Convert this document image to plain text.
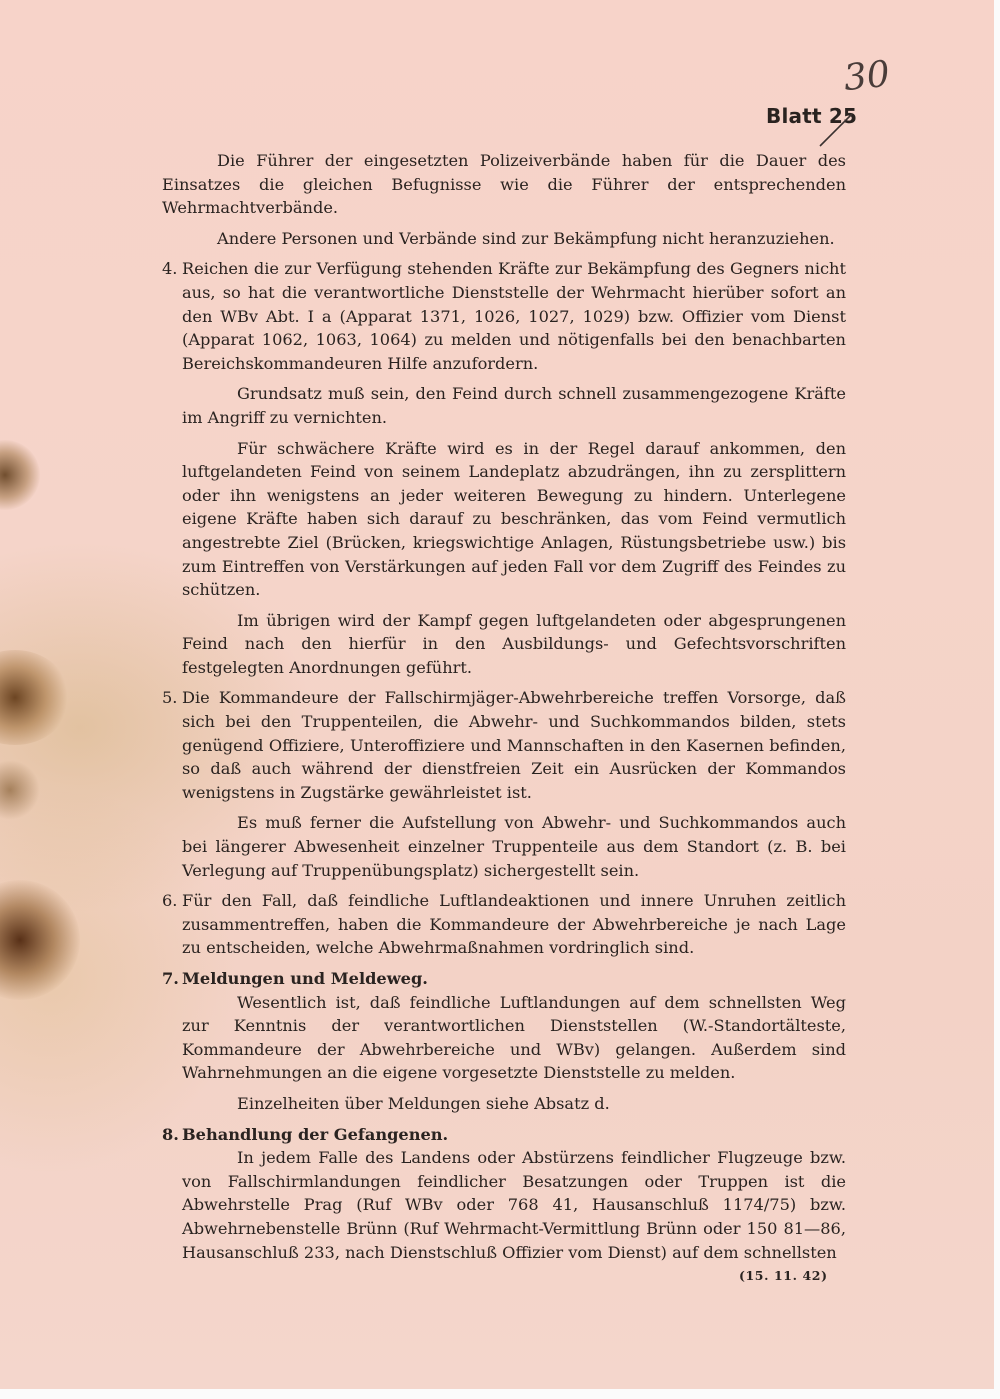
Blatt 25
30

Die Führer der eingesetzten Polizeiverbände haben für die Dauer des Einsatzes die gleichen Befugnisse wie die Führer der entsprechenden Wehrmachtverbände.

Andere Personen und Verbände sind zur Bekämpfung nicht heranzuziehen.

4. Reichen die zur Verfügung stehenden Kräfte zur Bekämpfung des Gegners nicht aus, so hat die verantwortliche Dienststelle der Wehrmacht hierüber sofort an den WBv Abt. I a (Apparat 1371, 1026, 1027, 1029) bzw. Offizier vom Dienst (Apparat 1062, 1063, 1064) zu melden und nötigenfalls bei den benachbarten Bereichskommandeuren Hilfe anzufordern.

Grundsatz muß sein, den Feind durch schnell zusammengezogene Kräfte im Angriff zu vernichten.

Für schwächere Kräfte wird es in der Regel darauf ankommen, den luftgelandeten Feind von seinem Landeplatz abzudrängen, ihn zu zersplittern oder ihn wenigstens an jeder weiteren Bewegung zu hindern. Unterlegene eigene Kräfte haben sich darauf zu beschränken, das vom Feind vermutlich angestrebte Ziel (Brücken, kriegswichtige Anlagen, Rüstungsbetriebe usw.) bis zum Eintreffen von Verstärkungen auf jeden Fall vor dem Zugriff des Feindes zu schützen.

Im übrigen wird der Kampf gegen luftgelandeten oder abgesprungenen Feind nach den hierfür in den Ausbildungs- und Gefechtsvorschriften festgelegten Anordnungen geführt.

5. Die Kommandeure der Fallschirmjäger-Abwehrbereiche treffen Vorsorge, daß sich bei den Truppenteilen, die Abwehr- und Suchkommandos bilden, stets genügend Offiziere, Unteroffiziere und Mannschaften in den Kasernen befinden, so daß auch während der dienstfreien Zeit ein Ausrücken der Kommandos wenigstens in Zugstärke gewährleistet ist.

Es muß ferner die Aufstellung von Abwehr- und Suchkommandos auch bei längerer Abwesenheit einzelner Truppenteile aus dem Standort (z. B. bei Verlegung auf Truppenübungsplatz) sichergestellt sein.

6. Für den Fall, daß feindliche Luftlandeaktionen und innere Unruhen zeitlich zusammentreffen, haben die Kommandeure der Abwehrbereiche je nach Lage zu entscheiden, welche Abwehrmaßnahmen vordringlich sind.
7. Meldungen und Meldeweg.

Wesentlich ist, daß feindliche Luftlandungen auf dem schnellsten Weg zur Kenntnis der verantwortlichen Dienststellen (W.-Standortälteste, Kommandeure der Abwehrbereiche und WBv) gelangen. Außerdem sind Wahrnehmungen an die eigene vorgesetzte Dienststelle zu melden.

Einzelheiten über Meldungen siehe Absatz d.

8. Behandlung der Gefangenen.

In jedem Falle des Landens oder Abstürzens feindlicher Flugzeuge bzw. von Fallschirmlandungen feindlicher Besatzungen oder Truppen ist die Abwehrstelle Prag (Ruf WBv oder 768 41, Hausanschluß 1174/75) bzw. Abwehrnebenstelle Brünn (Ruf Wehrmacht-Vermittlung Brünn oder 150 81—86, Hausanschluß 233, nach Dienstschluß Offizier vom Dienst) auf dem schnellsten

(15. 11. 42)
